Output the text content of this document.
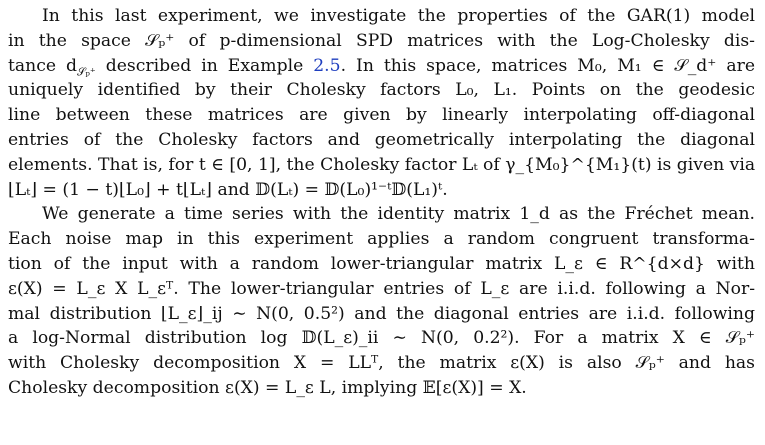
In this last experiment, we investigate the properties of the GAR(1) model
in the space 𝒮ₚ⁺ of p-dimensional SPD matrices with the Log-Cholesky dis-
tance $d_{𝒮_p^+}$ described in Example 2.5. In this space, matrices M₀, M₁ ∈ 𝒮_d⁺ are
uniquely identified by their Cholesky factors L₀, L₁. Points on the geodesic
line between these matrices are given by linearly interpolating off-diagonal
entries of the Cholesky factors and geometrically interpolating the diagonal
elements. That is, for t ∈ [0, 1], the Cholesky factor Lₜ of γ_{M₀}^{M₁}(t) is given via
⌊Lₜ⌋ = (1 − t)⌊L₀⌋ + t⌊Lₜ⌋ and 𝔻(Lₜ) = 𝔻(L₀)¹⁻ᵗ𝔻(L₁)ᵗ.

We generate a time series with the identity matrix 1_d as the Fréchet mean.
Each noise map in this experiment applies a random congruent transforma-
tion of the input with a random lower-triangular matrix L_ε ∈ R^{d×d} with
ε(X) = L_ε X L_εᵀ. The lower-triangular entries of L_ε are i.i.d. following a Nor-
mal distribution ⌊L_ε⌋_ij ∼ N(0, 0.5²) and the diagonal entries are i.i.d. following
a log-Normal distribution log 𝔻(L_ε)_ii ∼ N(0, 0.2²). For a matrix X ∈ 𝒮ₚ⁺
with Cholesky decomposition X = LLᵀ, the matrix ε(X) is also 𝒮ₚ⁺ and has
Cholesky decomposition ε(X) = L_ε L, implying 𝔼[ε(X)] = X.
